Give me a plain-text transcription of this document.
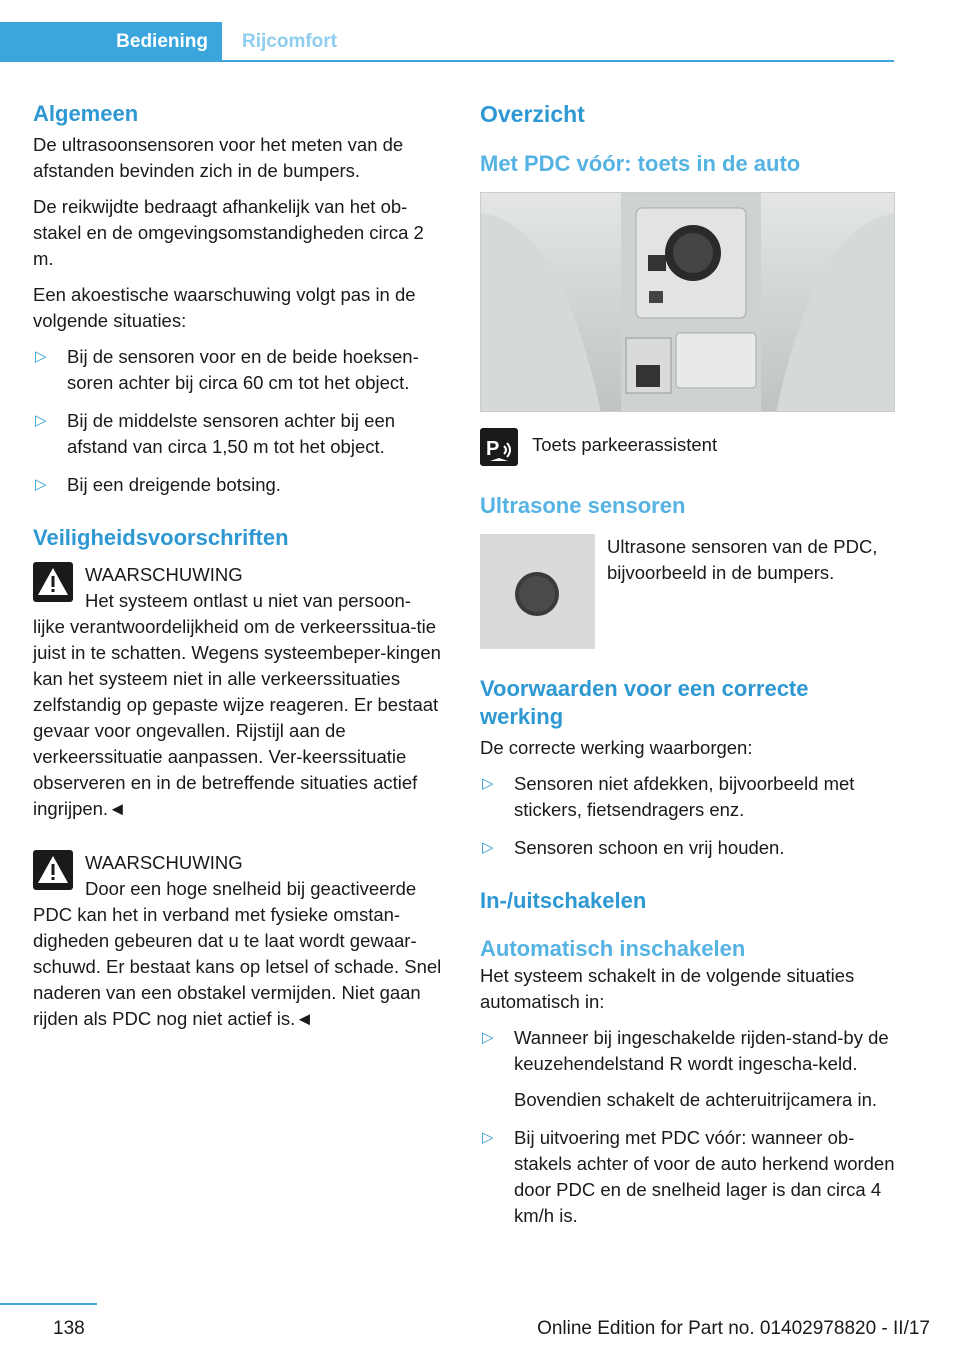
Bediening	Rijcomfort
Algemeen

De ultrasoonsensoren voor het meten van de afstanden bevinden zich in de bumpers.

De reikwijdte bedraagt afhankelijk van het ob-stakel en de omgevingsomstandigheden circa 2 m.

Een akoestische waarschuwing volgt pas in de volgende situaties:

▷ Bij de sensoren voor en de beide hoeksen-soren achter bij circa 60 cm tot het object.
▷ Bij de middelste sensoren achter bij een afstand van circa 1,50 m tot het object.
▷ Bij een dreigende botsing.
Veiligheidsvoorschriften
WAARSCHUWING
Het systeem ontlast u niet van persoon-
lijke verantwoordelijkheid om de verkeerssitua-tie juist in te schatten. Wegens systeembeper-kingen kan het systeem niet in alle verkeerssituaties zelfstandig op gepaste wijze reageren. Er bestaat gevaar voor ongevallen. Rijstijl aan de verkeerssituatie aanpassen. Ver-keerssituatie observeren en in de betreffende situaties actief ingrijpen.◄
WAARSCHUWING
Door een hoge snelheid bij geactiveerde
PDC kan het in verband met fysieke omstan-digheden gebeuren dat u te laat wordt gewaar-schuwd. Er bestaat kans op letsel of schade. Snel naderen van een obstakel vermijden. Niet gaan rijden als PDC nog niet actief is.◄
Overzicht
Met PDC vóór: toets in de auto
P Toets parkeerassistent
Ultrasone sensoren

Ultrasone sensoren van de PDC, bijvoorbeeld in de bumpers.

Voorwaarden voor een correcte werking

De correcte werking waarborgen:

▷ Sensoren niet afdekken, bijvoorbeeld met stickers, fietsendragers enz.
▷ Sensoren schoon en vrij houden.
In-/uitschakelen
Automatisch inschakelen

Het systeem schakelt in de volgende situaties automatisch in:

▷ Wanneer bij ingeschakelde rijden-stand-by de keuzehendelstand R wordt ingescha-keld.

Bovendien schakelt de achteruitrijcamera in.

▷ Bij uitvoering met PDC vóór: wanneer ob-stakels achter of voor de auto herkend worden door PDC en de snelheid lager is dan circa 4 km/h is.
138	Online Edition for Part no. 01402978820 - II/17
